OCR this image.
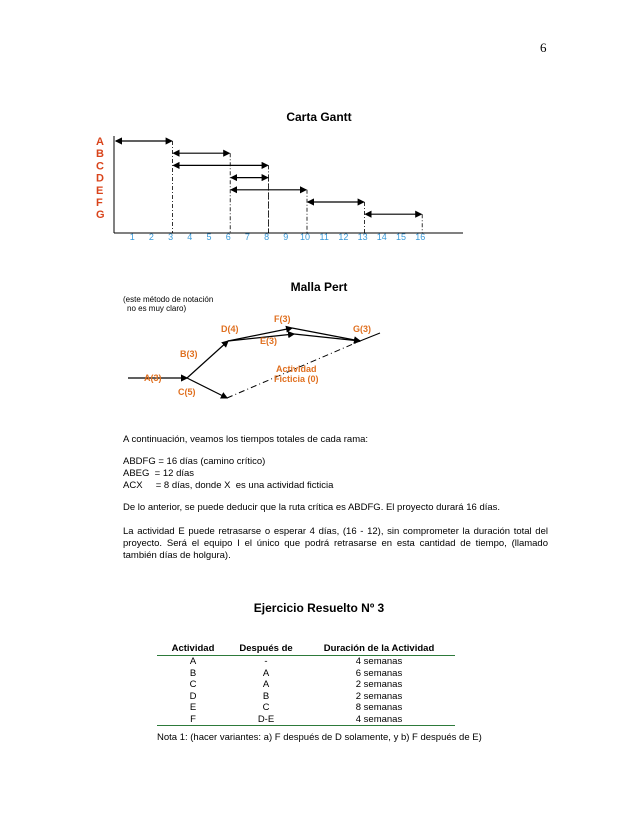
6
Carta Gantt
A
B
C
D
E
F
G
1 2 3 4 5 6 7 8 9 10 11 12 13 14 15 16
Malla Pert
(este método de notación
no es muy claro)
A(3)
B(3)
C(5)
D(4)
E(3)
F(3)
G(3)
Actividad
Ficticia (0)
A continuación, veamos los tiempos totales de cada rama:
ABDFG = 16 días (camino crítico)
ABEG  = 12 días
ACX     = 8 días, donde X  es una actividad ficticia
De lo anterior, se puede deducir que la ruta crítica es ABDFG. El proyecto durará 16 días.
La actividad E puede retrasarse o esperar 4 días, (16 - 12), sin comprometer la duración total del proyecto. Será el equipo I el único que podrá retrasarse en esta cantidad de tiempo, (llamado también días de holgura).
Ejercicio Resuelto Nº 3
Actividad	Después de	Duración de la Actividad
A	-	4 semanas
B	A	6 semanas
C	A	2 semanas
D	B	2 semanas
E	C	8 semanas
F	D-E	4 semanas
Nota 1: (hacer variantes: a) F después de D solamente, y b) F después de E)
